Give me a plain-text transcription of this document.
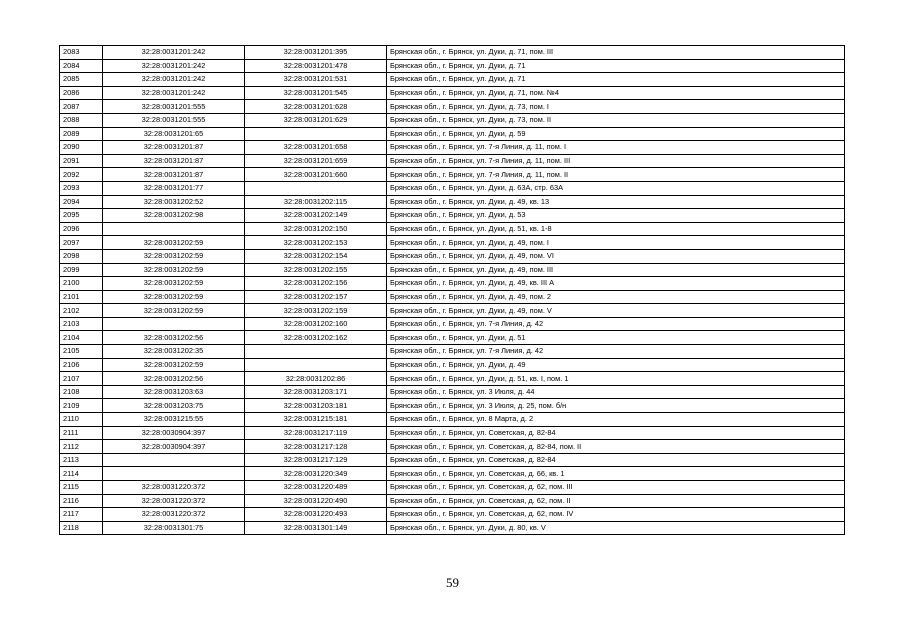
2083	32:28:0031201:242	32:28:0031201:395	Брянская обл., г. Брянск, ул. Дуки, д. 71, пом. III
2084	32:28:0031201:242	32:28:0031201:478	Брянская обл., г. Брянск, ул. Дуки, д. 71
2085	32:28:0031201:242	32:28:0031201:531	Брянская обл., г. Брянск, ул. Дуки, д. 71
2086	32:28:0031201:242	32:28:0031201:545	Брянская обл., г. Брянск, ул. Дуки, д. 71, пом. №4
2087	32:28:0031201:555	32:28:0031201:628	Брянская обл., г. Брянск, ул. Дуки, д. 73, пом. I
2088	32:28:0031201:555	32:28:0031201:629	Брянская обл., г. Брянск, ул. Дуки, д. 73, пом. II
2089	32:28:0031201:65		Брянская обл., г. Брянск, ул. Дуки, д. 59
2090	32:28:0031201:87	32:28:0031201:658	Брянская обл., г. Брянск, ул. 7-я Линия, д. 11, пом. I
2091	32:28:0031201:87	32:28:0031201:659	Брянская обл., г. Брянск, ул. 7-я Линия, д. 11, пом. III
2092	32:28:0031201:87	32:28:0031201:660	Брянская обл., г. Брянск, ул. 7-я Линия, д. 11, пом. II
2093	32:28:0031201:77		Брянская обл., г. Брянск, ул. Дуки, д. 63А, стр. 63А
2094	32:28:0031202:52	32:28:0031202:115	Брянская обл., г. Брянск, ул. Дуки, д. 49, кв. 13
2095	32:28:0031202:98	32:28:0031202:149	Брянская обл., г. Брянск, ул. Дуки, д. 53
2096		32:28:0031202:150	Брянская обл., г. Брянск, ул. Дуки, д. 51, кв. 1-8
2097	32:28:0031202:59	32:28:0031202:153	Брянская обл., г. Брянск, ул. Дуки, д. 49, пом. I
2098	32:28:0031202:59	32:28:0031202:154	Брянская обл., г. Брянск, ул. Дуки, д. 49, пом. VI
2099	32:28:0031202:59	32:28:0031202:155	Брянская обл., г. Брянск, ул. Дуки, д. 49, пом. III
2100	32:28:0031202:59	32:28:0031202:156	Брянская обл., г. Брянск, ул. Дуки, д. 49, кв. III А
2101	32:28:0031202:59	32:28:0031202:157	Брянская обл., г. Брянск, ул. Дуки, д. 49, пом. 2
2102	32:28:0031202:59	32:28:0031202:159	Брянская обл., г. Брянск, ул. Дуки, д. 49, пом. V
2103		32:28:0031202:160	Брянская обл., г. Брянск, ул. 7-я Линия, д. 42
2104	32:28:0031202:56	32:28:0031202:162	Брянская обл., г. Брянск, ул. Дуки, д. 51
2105	32:28:0031202:35		Брянская обл., г. Брянск, ул. 7-я Линия, д. 42
2106	32:28:0031202:59		Брянская обл., г. Брянск, ул. Дуки, д. 49
2107	32:28:0031202:56	32:28:0031202:86	Брянская обл., г. Брянск, ул. Дуки, д. 51, кв. I, пом. 1
2108	32:28:0031203:63	32:28:0031203:171	Брянская обл., г. Брянск, ул. 3 Июля, д. 44
2109	32:28:0031203:75	32:28:0031203:181	Брянская обл., г. Брянск, ул. 3 Июля, д. 25, пом. б/н
2110	32:28:0031215:55	32:28:0031215:181	Брянская обл., г. Брянск, ул. 8 Марта, д. 2
2111	32:28:0030904:397	32:28:0031217:119	Брянская обл., г. Брянск, ул. Советская, д. 82-84
2112	32:28:0030904:397	32:28:0031217:128	Брянская обл., г. Брянск, ул. Советская, д. 82-84, пом. II
2113		32:28:0031217:129	Брянская обл., г. Брянск, ул. Советская, д. 82-84
2114		32:28:0031220:349	Брянская обл., г. Брянск, ул. Советская, д. 66, кв. 1
2115	32:28:0031220:372	32:28:0031220:489	Брянская обл., г. Брянск, ул. Советская, д. 62, пом. III
2116	32:28:0031220:372	32:28:0031220:490	Брянская обл., г. Брянск, ул. Советская, д. 62, пом. II
2117	32:28:0031220:372	32:28:0031220:493	Брянская обл., г. Брянск, ул. Советская, д. 62, пом. IV
2118	32:28:0031301:75	32:28:0031301:149	Брянская обл., г. Брянск, ул. Дуки, д. 80, кв. V
59
